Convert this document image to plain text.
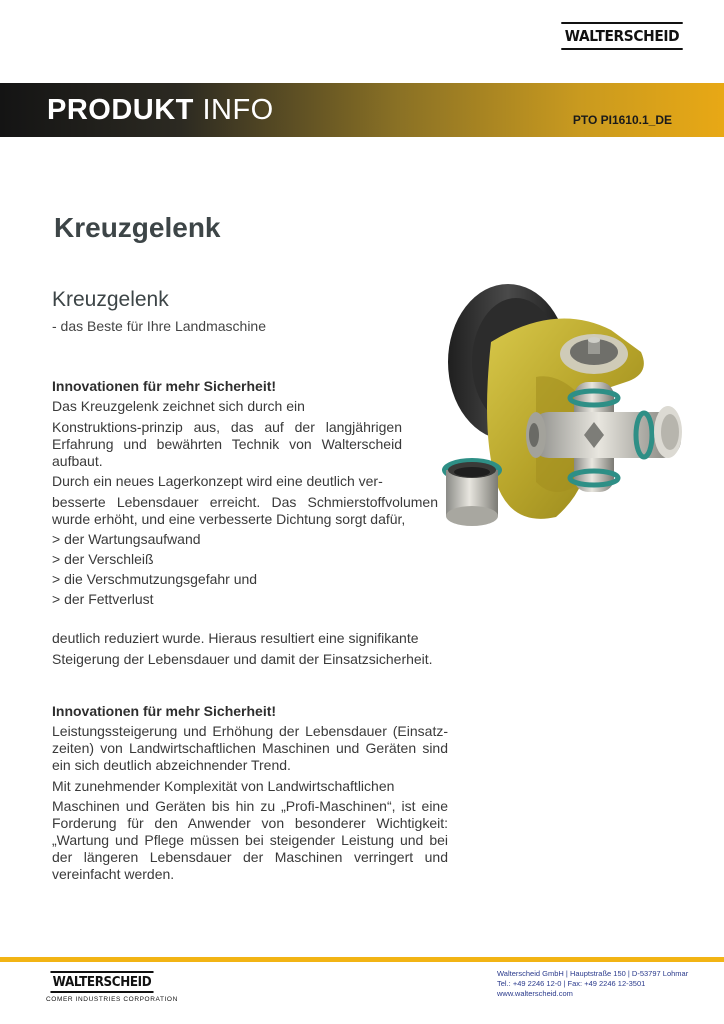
WALTERSCHEID
PRODUKT INFO	PTO PI1610.1_DE
Kreuzgelenk
Kreuzgelenk
- das Beste für Ihre Landmaschine
Innovationen für mehr Sicherheit!
Das Kreuzgelenk zeichnet sich durch ein
Konstruktions-prinzip aus, das auf der langjährigen Erfahrung und bewährten Technik von Walterscheid aufbaut.
Durch ein neues Lagerkonzept wird eine deutlich ver-
besserte Lebensdauer erreicht. Das Schmierstoffvolumen wurde erhöht, und eine verbesserte Dichtung sorgt dafür,
> der Wartungsaufwand
> der Verschleiß
> die Verschmutzungsgefahr und
> der Fettverlust
deutlich reduziert wurde. Hieraus resultiert eine signifikante
Steigerung der Lebensdauer und damit der Einsatzsicherheit.
Innovationen für mehr Sicherheit!
Leistungssteigerung und Erhöhung der Lebensdauer (Einsatz-zeiten) von Landwirtschaftlichen Maschinen und Geräten sind ein sich deutlich abzeichnender Trend.
Mit zunehmender Komplexität von Landwirtschaftlichen
Maschinen und Geräten bis hin zu „Profi-Maschinen“, ist eine Forderung für den Anwender von besonderer Wichtigkeit: „Wartung und Pflege müssen bei steigender Leistung und bei der längeren Lebensdauer der Maschinen verringert und vereinfacht werden.
WALTERSCHEID
COMER INDUSTRIES CORPORATION
Walterscheid GmbH | Hauptstraße 150 | D-53797 Lohmar
Tel.: +49 2246 12-0 | Fax: +49 2246 12-3501
www.walterscheid.com
